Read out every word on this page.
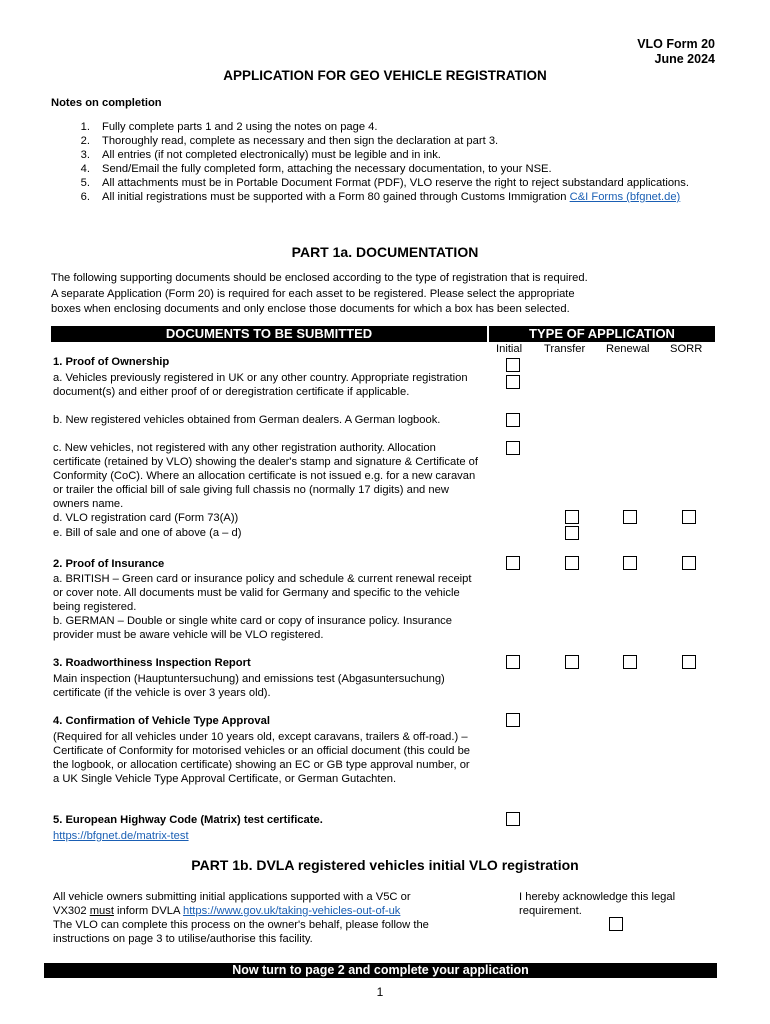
VLO Form 20
June 2024
APPLICATION FOR GEO VEHICLE REGISTRATION
Notes on completion
1. Fully complete parts 1 and 2 using the notes on page 4.
2. Thoroughly read, complete as necessary and then sign the declaration at part 3.
3. All entries (if not completed electronically) must be legible and in ink.
4. Send/Email the fully completed form, attaching the necessary documentation, to your NSE.
5. All attachments must be in Portable Document Format (PDF), VLO reserve the right to reject substandard applications.
6. All initial registrations must be supported with a Form 80 gained through Customs Immigration C&I Forms (bfgnet.de)
PART 1a. DOCUMENTATION

The following supporting documents should be enclosed according to the type of registration that is required.

A separate Application (Form 20) is required for each asset to be registered. Please select the appropriate

boxes when enclosing documents and only enclose those documents for which a box has been selected.

DOCUMENTS TO BE SUBMITTED	TYPE OF APPLICATION
Initial Transfer Renewal SORR
1. Proof of Ownership
a. Vehicles previously registered in UK or any other country. Appropriate registration document(s) and either proof of or deregistration certificate if applicable.
b. New registered vehicles obtained from German dealers. A German logbook.
c. New vehicles, not registered with any other registration authority. Allocation certificate (retained by VLO) showing the dealer's stamp and signature & Certificate of Conformity (CoC). Where an allocation certificate is not issued e.g. for a new caravan or trailer the official bill of sale giving full chassis no (normally 17 digits) and new owners name.
d. VLO registration card (Form 73(A))
e. Bill of sale and one of above (a – d)
2. Proof of Insurance
a. BRITISH – Green card or insurance policy and schedule & current renewal receipt or cover note. All documents must be valid for Germany and specific to the vehicle being registered.
b. GERMAN – Double or single white card or copy of insurance policy. Insurance provider must be aware vehicle will be VLO registered.
3. Roadworthiness Inspection Report
Main inspection (Hauptuntersuchung) and emissions test (Abgasuntersuchung) certificate (if the vehicle is over 3 years old).
4. Confirmation of Vehicle Type Approval
(Required for all vehicles under 10 years old, except caravans, trailers & off-road.) – Certificate of Conformity for motorised vehicles or an official document (this could be the logbook, or allocation certificate) showing an EC or GB type approval number, or a UK Single Vehicle Type Approval Certificate, or German Gutachten.
5. European Highway Code (Matrix) test certificate.
https://bfgnet.de/matrix-test
PART 1b. DVLA registered vehicles initial VLO registration

All vehicle owners submitting initial applications supported with a V5C or

VX302 must inform DVLA https://www.gov.uk/taking-vehicles-out-of-uk

The VLO can complete this process on the owner's behalf, please follow the

instructions on page 3 to utilise/authorise this facility.

I hereby acknowledge this legal

requirement.

Now turn to page 2 and complete your application
1
